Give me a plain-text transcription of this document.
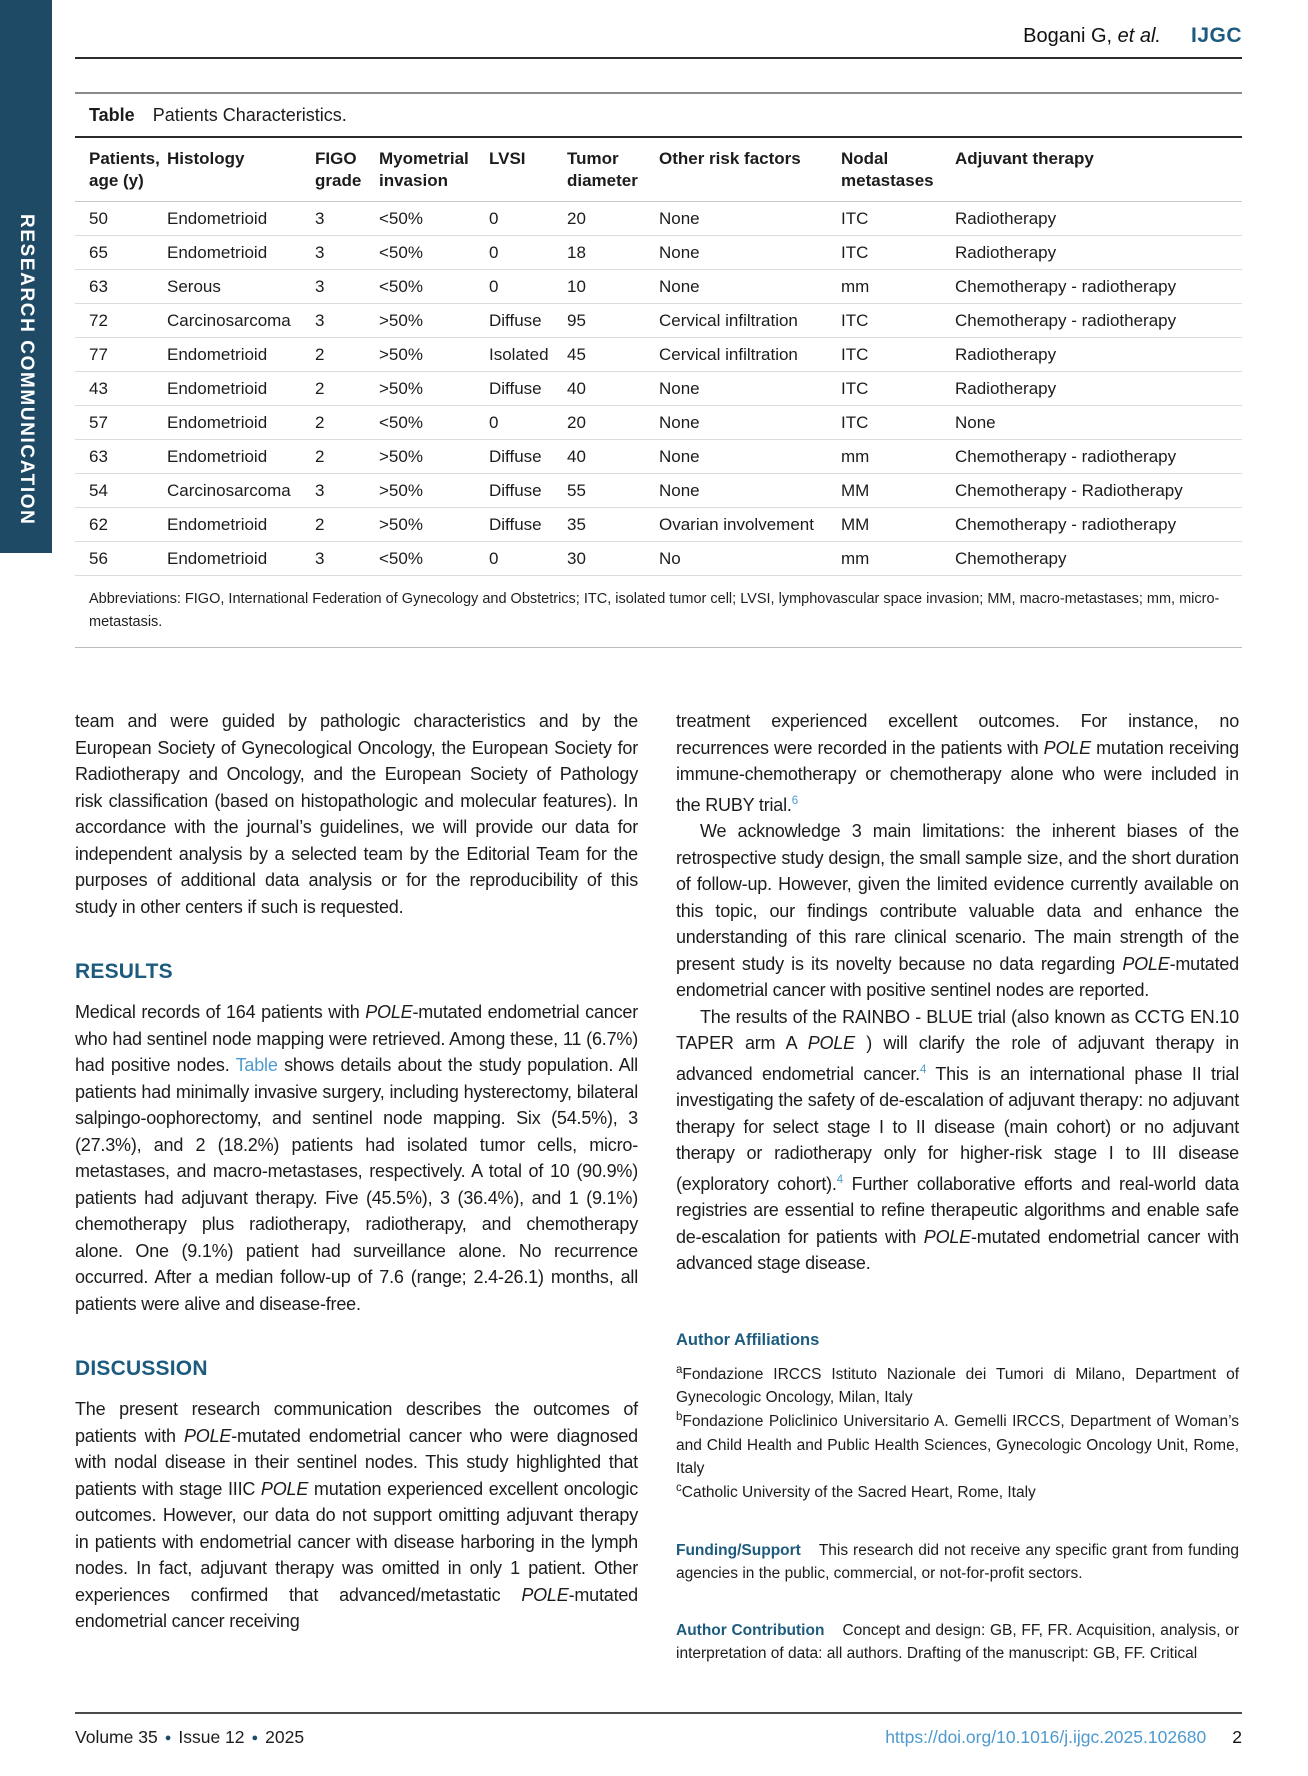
RESEARCH COMMUNICATION
Bogani G, et al. IJGC
Table Patients Characteristics.
Patients, age (y)	Histology	FIGO grade	Myometrial invasion	LVSI	Tumor diameter	Other risk factors	Nodal metastases	Adjuvant therapy
50	Endometrioid	3	<50%	0	20	None	ITC	Radiotherapy
65	Endometrioid	3	<50%	0	18	None	ITC	Radiotherapy
63	Serous	3	<50%	0	10	None	mm	Chemotherapy - radiotherapy
72	Carcinosarcoma	3	>50%	Diffuse	95	Cervical infiltration	ITC	Chemotherapy - radiotherapy
77	Endometrioid	2	>50%	Isolated	45	Cervical infiltration	ITC	Radiotherapy
43	Endometrioid	2	>50%	Diffuse	40	None	ITC	Radiotherapy
57	Endometrioid	2	<50%	0	20	None	ITC	None
63	Endometrioid	2	>50%	Diffuse	40	None	mm	Chemotherapy - radiotherapy
54	Carcinosarcoma	3	>50%	Diffuse	55	None	MM	Chemotherapy - Radiotherapy
62	Endometrioid	2	>50%	Diffuse	35	Ovarian involvement	MM	Chemotherapy - radiotherapy
56	Endometrioid	3	<50%	0	30	No	mm	Chemotherapy
Abbreviations: FIGO, International Federation of Gynecology and Obstetrics; ITC, isolated tumor cell; LVSI, lymphovascular space invasion; MM, macro-metastases; mm, micro-metastasis.

team and were guided by pathologic characteristics and by the European Society of Gynecological Oncology, the European Society for Radiotherapy and Oncology, and the European Society of Pathology risk classification (based on histopathologic and molecular features). In accordance with the journal’s guidelines, we will provide our data for independent analysis by a selected team by the Editorial Team for the purposes of additional data analysis or for the reproducibility of this study in other centers if such is requested.

RESULTS

Medical records of 164 patients with POLE-mutated endometrial cancer who had sentinel node mapping were retrieved. Among these, 11 (6.7%) had positive nodes. Table shows details about the study population. All patients had minimally invasive surgery, including hysterectomy, bilateral salpingo-oophorectomy, and sentinel node mapping. Six (54.5%), 3 (27.3%), and 2 (18.2%) patients had isolated tumor cells, micro-metastases, and macro-metastases, respectively. A total of 10 (90.9%) patients had adjuvant therapy. Five (45.5%), 3 (36.4%), and 1 (9.1%) chemotherapy plus radiotherapy, radiotherapy, and chemotherapy alone. One (9.1%) patient had surveillance alone. No recurrence occurred. After a median follow-up of 7.6 (range; 2.4-26.1) months, all patients were alive and disease-free.

DISCUSSION

The present research communication describes the outcomes of patients with POLE-mutated endometrial cancer who were diagnosed with nodal disease in their sentinel nodes. This study highlighted that patients with stage IIIC POLE mutation experienced excellent oncologic outcomes. However, our data do not support omitting adjuvant therapy in patients with endometrial cancer with disease harboring in the lymph nodes. In fact, adjuvant therapy was omitted in only 1 patient. Other experiences confirmed that advanced/metastatic POLE-mutated endometrial cancer receiving

treatment experienced excellent outcomes. For instance, no recurrences were recorded in the patients with POLE mutation receiving immune-chemotherapy or chemotherapy alone who were included in the RUBY trial.$^6$

We acknowledge 3 main limitations: the inherent biases of the retrospective study design, the small sample size, and the short duration of follow-up. However, given the limited evidence currently available on this topic, our findings contribute valuable data and enhance the understanding of this rare clinical scenario. The main strength of the present study is its novelty because no data regarding POLE-mutated endometrial cancer with positive sentinel nodes are reported.

The results of the RAINBO - BLUE trial (also known as CCTG EN.10 TAPER arm A POLE ) will clarify the role of adjuvant therapy in advanced endometrial cancer.$^4$ This is an international phase II trial investigating the safety of de-escalation of adjuvant therapy: no adjuvant therapy for select stage I to II disease (main cohort) or no adjuvant therapy or radiotherapy only for higher-risk stage I to III disease (exploratory cohort).$^4$ Further collaborative efforts and real-world data registries are essential to refine therapeutic algorithms and enable safe de-escalation for patients with POLE-mutated endometrial cancer with advanced stage disease.

Author Affiliations
$^a$Fondazione IRCCS Istituto Nazionale dei Tumori di Milano, Department of Gynecologic Oncology, Milan, Italy
$^b$Fondazione Policlinico Universitario A. Gemelli IRCCS, Department of Woman’s and Child Health and Public Health Sciences, Gynecologic Oncology Unit, Rome, Italy
$^c$Catholic University of the Sacred Heart, Rome, Italy

Funding/Support This research did not receive any specific grant from funding agencies in the public, commercial, or not-for-profit sectors.

Author Contribution Concept and design: GB, FF, FR. Acquisition, analysis, or interpretation of data: all authors. Drafting of the manuscript: GB, FF. Critical

Volume 35 ● Issue 12 ● 2025	https://doi.org/10.1016/j.ijgc.2025.102680 2
